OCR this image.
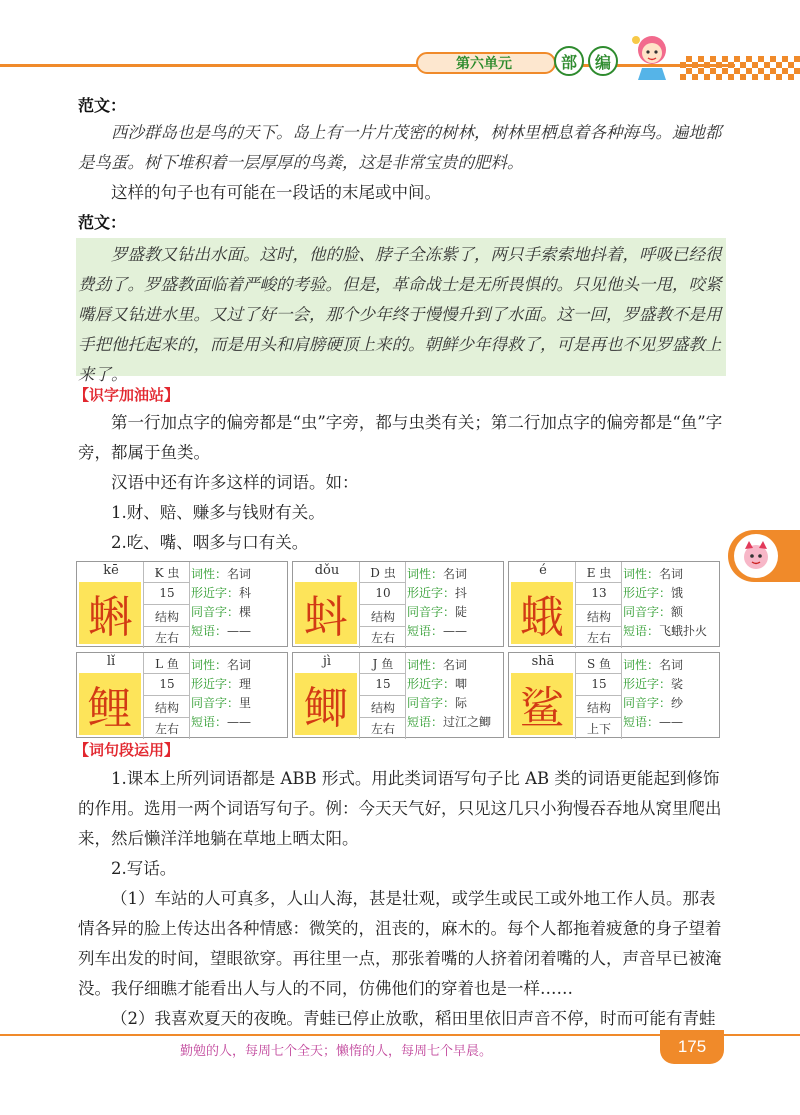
第六单元	部	编
范文：
西沙群岛也是鸟的天下。岛上有一片片茂密的树林，树林里栖息着各种海鸟。遍地都是鸟蛋。树下堆积着一层厚厚的鸟粪，这是非常宝贵的肥料。
这样的句子也有可能在一段话的末尾或中间。
范文：
罗盛教又钻出水面。这时，他的脸、脖子全冻紫了，两只手索索地抖着，呼吸已经很费劲了。罗盛教面临着严峻的考验。但是，革命战士是无所畏惧的。只见他头一甩，咬紧嘴唇又钻进水里。又过了好一会，那个少年终于慢慢升到了水面。这一回，罗盛教不是用手把他托起来的，而是用头和肩膀硬顶上来的。朝鲜少年得救了，可是再也不见罗盛教上来了。
【识字加油站】
第一行加点字的偏旁都是“虫”字旁，都与虫类有关；第二行加点字的偏旁都是“鱼”字旁，都属于鱼类。
汉语中还有许多这样的词语。如：
1.财、赔、赚多与钱财有关。
2.吃、嘴、咽多与口有关。
kē
蝌
K 虫
15
结构
左右
词性：名词
形近字：科
同音字：棵
短语：——
dǒu
蚪
D 虫
10
结构
左右
词性：名词
形近字：抖
同音字：陡
短语：——
é
蛾
E 虫
13
结构
左右
词性：名词
形近字：饿
同音字：额
短语：飞蛾扑火
lǐ
鲤
L 鱼
15
结构
左右
词性：名词
形近字：理
同音字：里
短语：——
jì
鲫
J 鱼
15
结构
左右
词性：名词
形近字：唧
同音字：际
短语：过江之鲫
shā
鲨
S 鱼
15
结构
上下
词性：名词
形近字：裟
同音字：纱
短语：——
【词句段运用】
1.课本上所列词语都是 ABB 形式。用此类词语写句子比 AB 类的词语更能起到修饰的作用。选用一两个词语写句子。例：今天天气好，只见这几只小狗慢吞吞地从窝里爬出来，然后懒洋洋地躺在草地上晒太阳。
2.写话。
（1）车站的人可真多，人山人海，甚是壮观，或学生或民工或外地工作人员。那表情各异的脸上传达出各种情感：微笑的，沮丧的，麻木的。每个人都拖着疲惫的身子望着列车出发的时间，望眼欲穿。再往里一点，那张着嘴的人挤着闭着嘴的人，声音早已被淹没。我仔细瞧才能看出人与人的不同，仿佛他们的穿着也是一样……
（2）我喜欢夏天的夜晚。青蛙已停止放歌，稻田里依旧声音不停，时而可能有青蛙
勤勉的人，每周七个全天；懒惰的人，每周七个早晨。	175
